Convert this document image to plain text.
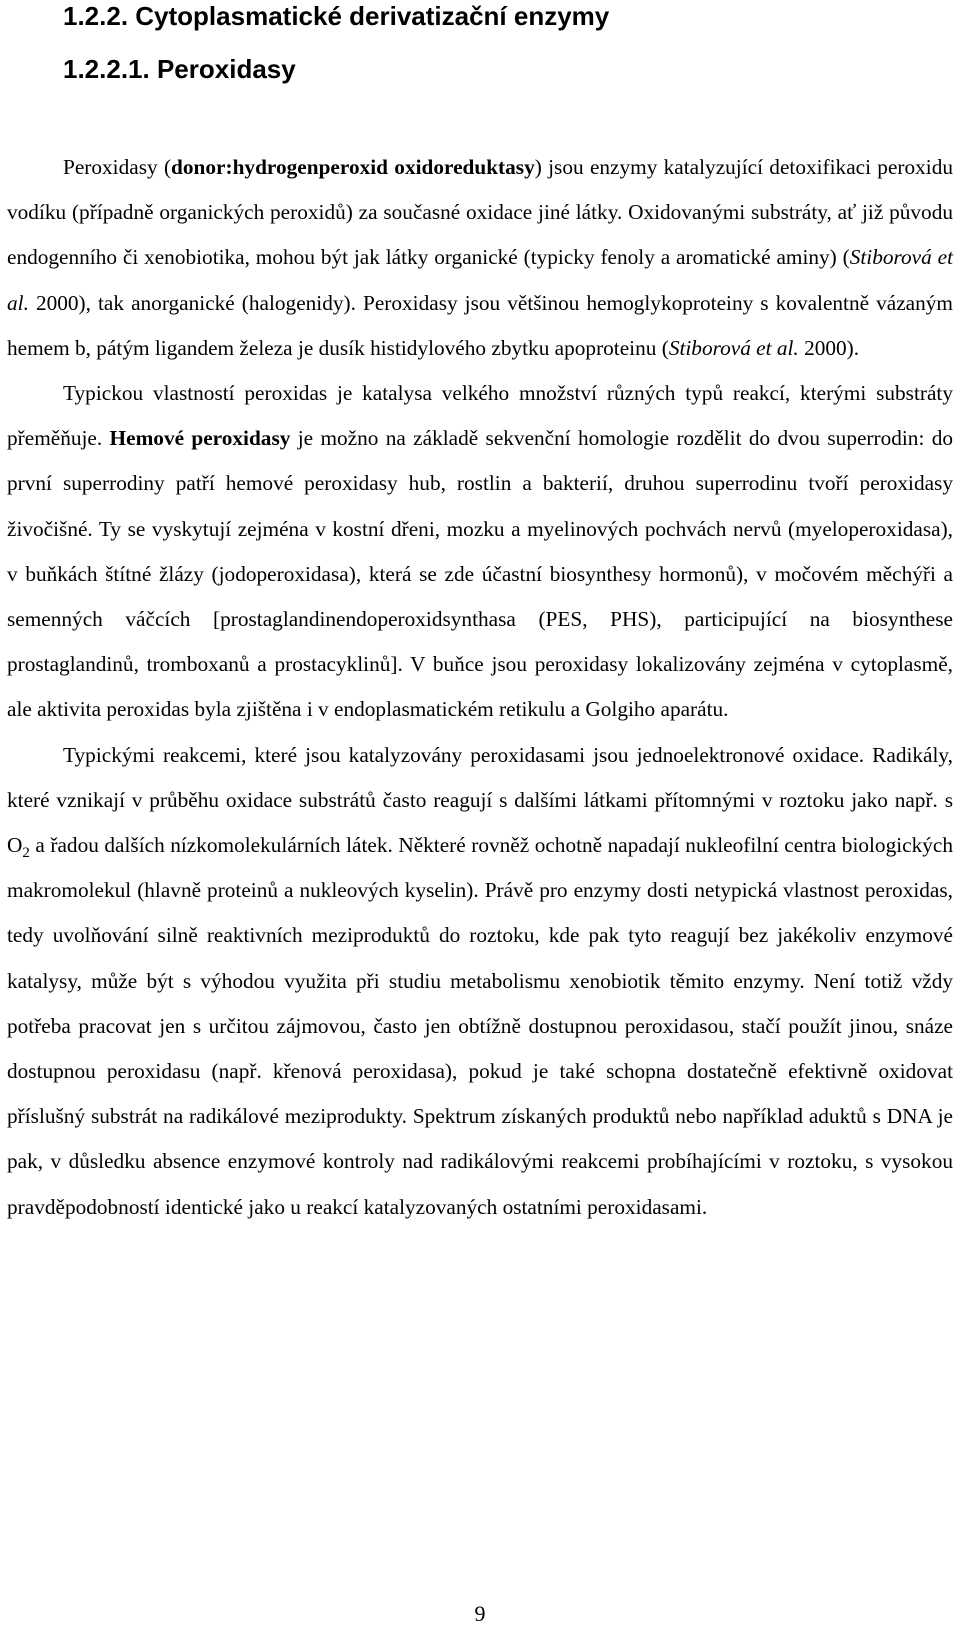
1.2.2. Cytoplasmatické derivatizační enzymy
1.2.2.1. Peroxidasy

Peroxidasy (donor:hydrogenperoxid oxidoreduktasy) jsou enzymy katalyzující detoxifikaci peroxidu vodíku (případně organických peroxidů) za současné oxidace jiné látky. Oxidovanými substráty, ať již původu endogenního či xenobiotika, mohou být jak látky organické (typicky fenoly a aromatické aminy) (Stiborová et al. 2000), tak anorganické (halogenidy). Peroxidasy jsou většinou hemoglykoproteiny s kovalentně vázaným hemem b, pátým ligandem železa je dusík histidylového zbytku apoproteinu (Stiborová et al. 2000).

Typickou vlastností peroxidas je katalysa velkého množství různých typů reakcí, kterými substráty přeměňuje. Hemové peroxidasy je možno na základě sekvenční homologie rozdělit do dvou superrodin: do první superrodiny patří hemové peroxidasy hub, rostlin a bakterií, druhou superrodinu tvoří peroxidasy živočišné. Ty se vyskytují zejména v kostní dřeni, mozku a myelinových pochvách nervů (myeloperoxidasa), v buňkách štítné žlázy (jodoperoxidasa), která se zde účastní biosynthesy hormonů), v močovém měchýři a semenných váčcích [prostaglandinendoperoxidsynthasa (PES, PHS), participující na biosynthese prostaglandinů, tromboxanů a prostacyklinů]. V buňce jsou peroxidasy lokalizovány zejména v cytoplasmě, ale aktivita peroxidas byla zjištěna i v endoplasmatickém retikulu a Golgiho aparátu.

Typickými reakcemi, které jsou katalyzovány peroxidasami jsou jednoelektronové oxidace. Radikály, které vznikají v průběhu oxidace substrátů často reagují s dalšími látkami přítomnými v roztoku jako např. s $O_2$ a řadou dalších nízkomolekulárních látek. Některé rovněž ochotně napadají nukleofilní centra biologických makromolekul (hlavně proteinů a nukleových kyselin). Právě pro enzymy dosti netypická vlastnost peroxidas, tedy uvolňování silně reaktivních meziproduktů do roztoku, kde pak tyto reagují bez jakékoliv enzymové katalysy, může být s výhodou využita při studiu metabolismu xenobiotik těmito enzymy. Není totiž vždy potřeba pracovat jen s určitou zájmovou, často jen obtížně dostupnou peroxidasou, stačí použít jinou, snáze dostupnou peroxidasu (např. křenová peroxidasa), pokud je také schopna dostatečně efektivně oxidovat příslušný substrát na radikálové meziprodukty. Spektrum získaných produktů nebo například aduktů s DNA je pak, v důsledku absence enzymové kontroly nad radikálovými reakcemi probíhajícími v roztoku, s vysokou pravděpodobností identické jako u reakcí katalyzovaných ostatními peroxidasami.

9
